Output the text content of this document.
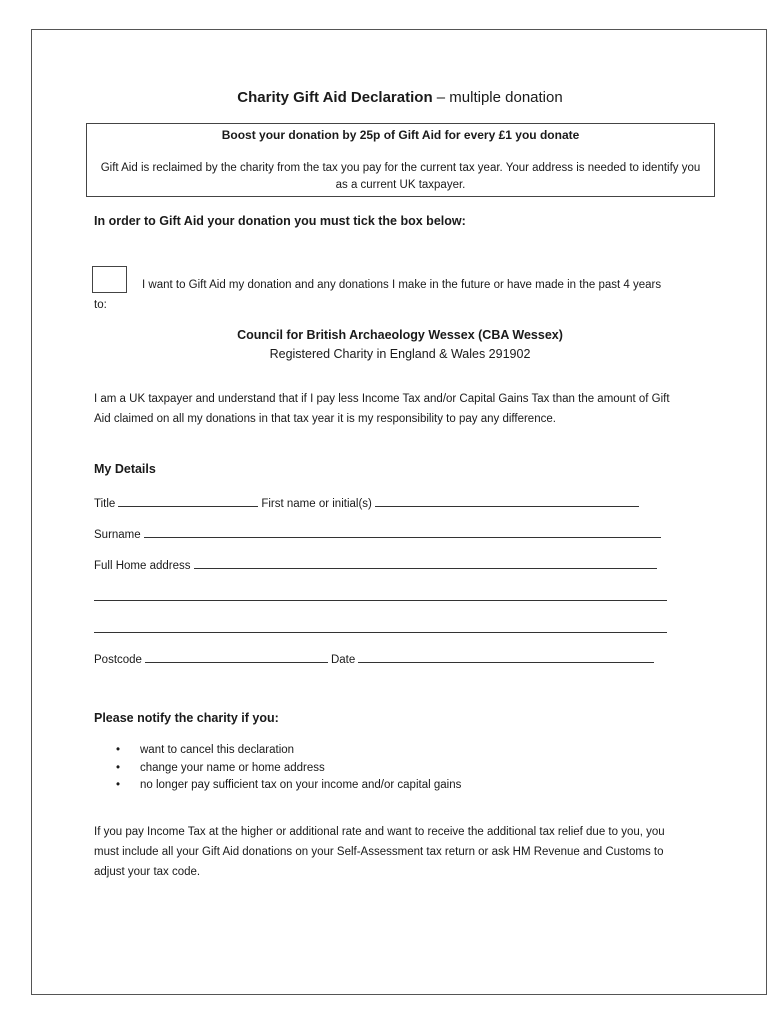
Charity Gift Aid Declaration – multiple donation
Boost your donation by 25p of Gift Aid for every £1 you donate
Gift Aid is reclaimed by the charity from the tax you pay for the current tax year. Your address is needed to identify you as a current UK taxpayer.
In order to Gift Aid your donation you must tick the box below:
I want to Gift Aid my donation and any donations I make in the future or have made in the past 4 years to:
Council for British Archaeology Wessex (CBA Wessex)
Registered Charity in England & Wales 291902
I am a UK taxpayer and understand that if I pay less Income Tax and/or Capital Gains Tax than the amount of Gift Aid claimed on all my donations in that tax year it is my responsibility to pay any difference.
My Details
Title	First name or initial(s)
Surname
Full Home address
Postcode	Date
Please notify the charity if you:
• want to cancel this declaration
• change your name or home address
• no longer pay sufficient tax on your income and/or capital gains
If you pay Income Tax at the higher or additional rate and want to receive the additional tax relief due to you, you must include all your Gift Aid donations on your Self-Assessment tax return or ask HM Revenue and Customs to adjust your tax code.
